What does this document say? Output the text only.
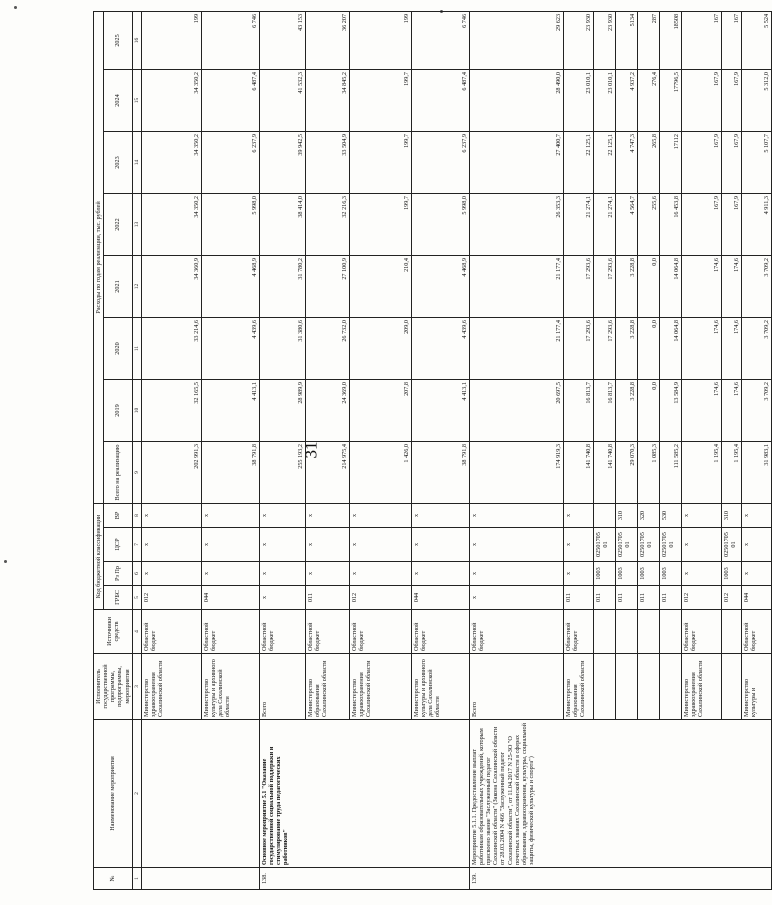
31
№	Наименование мероприятия	Исполнитель государственной программы, подпрограммы, мероприятия	Источники средств	Код бюджетной классификации				Расходы по годам реализации, тыс. рублей							
				ГРБС	Рз Пр	ЦСР	ВР	Всего на реализацию	2019	2020	2021	2022	2023	2024	2025

1	2	3	4	5	6	7	8	9	10	11	12	13	14	15	16
		Министерство здравоохранения Сахалинской области	Областной бюджет	012	x	x	x	202 991,3	32 165,5	33 214,6	34 360,9	34 350,2	34 350,2	34 350,2	199
		Министерство культуры и архивного дела Сахалинской области	Областной бюджет	044	x	x	x	38 791,8	4 413,1	4 439,6	4 468,9	5 998,0	6 237,9	6 487,4	6 746
138.	Основное мероприятие 5.1 "Оказание государственной социальной поддержки и стимулирование труда педагогических работников"	Всего	Областной бюджет	x	x	x	x	255 193,2	28 989,9	31 380,6	31 780,2	38 414,0	39 942,5	41 532,3	43 153
		Министерство образования Сахалинской области	Областной бюджет	011	x	x	x	214 975,4	24 369,0	26 732,0	27 100,9	32 216,3	33 504,9	34 845,2	36 207
		Министерство здравоохранения Сахалинской области	Областной бюджет	012	x	x	x	1 426,0	207,8	209,0	210,4	199,7	199,7	199,7	199
		Министерство культуры и архивного дела Сахалинской области	Областной бюджет	044	x	x	x	38 791,8	4 413,1	4 439,6	4 468,9	5 998,0	6 237,9	6 487,4	6 746
139.	Мероприятие 5.1.1. Предоставление выплат работникам образовательных учреждений, которым присвоено звание "Заслуженный педагог Сахалинской области" (Закона Сахалинской области от 28.03.2004 N 466 "Заслуженный педагог Сахалинской области", от 11.04.2017 N 25-ЗО "О почетных званиях Сахалинской области в сферах образования, здравоохранения, культуры, социальной защиты, физической культуры и спорта")	Всего	Областной бюджет	x	x	x	x	174 919,3	20 697,5	21 177,4	21 177,4	26 353,3	27 400,7	28 490,0	29 623
		Министерство образования Сахалинской области	Областной бюджет	011	x	x	x	141 740,8	16 813,7	17 293,6	17 293,6	21 274,1	22 125,1	23 010,1	23 930
				011	1003	02501705 01		141 740,8	16 813,7	17 293,6	17 293,6	21 274,1	22 125,1	23 010,1	23 930
				011	1003	02501705 01	310	29 070,3	3 228,8	3 228,8	3 228,8	4 564,7	4 747,3	4 937,2	5134
				011	1003	02501705 01	320	1 085,3	0,0	0,0	0,0	255,6	265,8	276,4	287
				011	1003	02501705 01	530	111 585,2	13 584,9	14 064,8	14 064,8	16 453,8	17112	17796,5	18508
		Министерство здравоохранения Сахалинской области	Областной бюджет	012	x	x	x	1 195,4	174,6	174,6	174,6	167,9	167,9	167,9	167
				012	1003	02501705 01	310	1 195,4	174,6	174,6	174,6	167,9	167,9	167,9	167
		Министерство культуры и	Областной бюджет	044	x	x	x	31 983,1	3 709,2	3 709,2	3 709,2	4 911,3	5 107,7	5 312,0	5 524
